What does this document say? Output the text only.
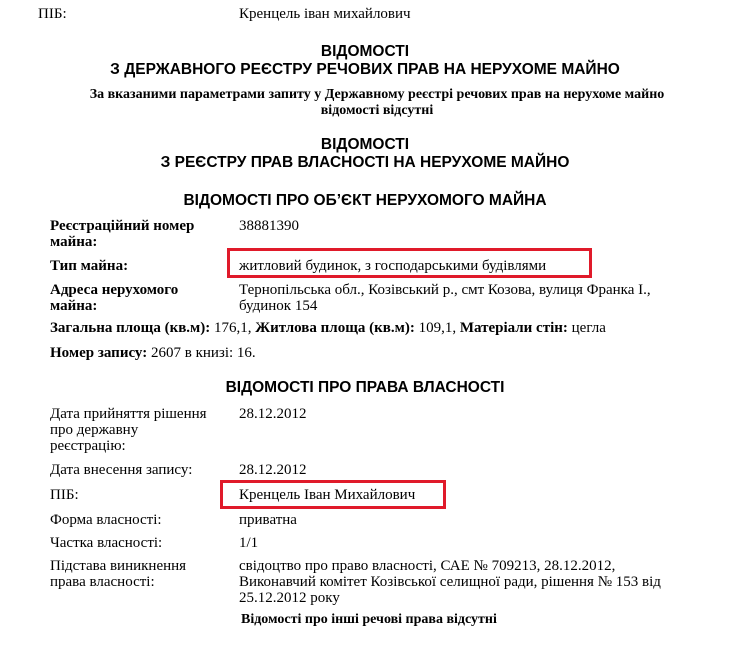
ПІБ:	Кренцель іван михайлович
ВІДОМОСТІ
З ДЕРЖАВНОГО РЕЄСТРУ РЕЧОВИХ ПРАВ НА НЕРУХОМЕ МАЙНО
За вказаними параметрами запиту у Державному реєстрі речових прав на нерухоме майно
відомості відсутні
ВІДОМОСТІ
З РЕЄСТРУ ПРАВ ВЛАСНОСТІ НА НЕРУХОМЕ МАЙНО
ВІДОМОСТІ ПРО ОБ’ЄКТ НЕРУХОМОГО МАЙНА
Реєстраційний номер
майна:
38881390
Тип майна:	житловий будинок, з господарськими будівлями
Адреса нерухомого
майна:
Тернопільська обл., Козівський р., смт Козова, вулиця Франка І.,
будинок 154
Загальна площа (кв.м): 176,1, Житлова площа (кв.м): 109,1, Матеріали стін: цегла
Номер запису: 2607 в книзі: 16.
ВІДОМОСТІ ПРО ПРАВА ВЛАСНОСТІ
Дата прийняття рішення
про державну
реєстрацію:
28.12.2012
Дата внесення запису:	28.12.2012
ПІБ:	Кренцель Іван Михайлович
Форма власності:	приватна
Частка власності:	1/1
Підстава виникнення
права власності:
свідоцтво про право власності, САЕ № 709213, 28.12.2012,
Виконавчий комітет Козівської селищної ради, рішення № 153 від
25.12.2012 року
Відомості про інші речові права відсутні
